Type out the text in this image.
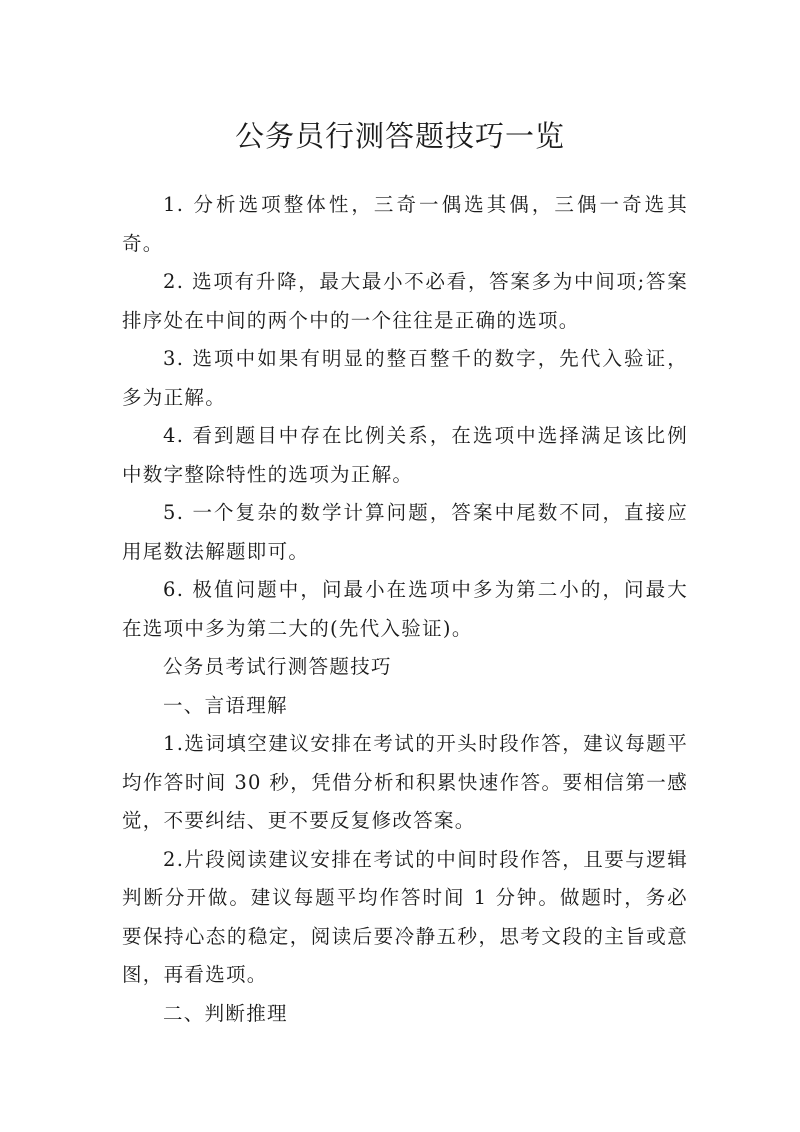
公务员行测答题技巧一览

1. 分析选项整体性，三奇一偶选其偶，三偶一奇选其奇。

2. 选项有升降，最大最小不必看，答案多为中间项;答案排序处在中间的两个中的一个往往是正确的选项。

3. 选项中如果有明显的整百整千的数字，先代入验证，多为正解。

4. 看到题目中存在比例关系，在选项中选择满足该比例中数字整除特性的选项为正解。

5. 一个复杂的数学计算问题，答案中尾数不同，直接应用尾数法解题即可。

6. 极值问题中，问最小在选项中多为第二小的，问最大在选项中多为第二大的(先代入验证)。

公务员考试行测答题技巧

一、言语理解

1.选词填空建议安排在考试的开头时段作答，建议每题平均作答时间 30 秒，凭借分析和积累快速作答。要相信第一感觉，不要纠结、更不要反复修改答案。

2.片段阅读建议安排在考试的中间时段作答，且要与逻辑判断分开做。建议每题平均作答时间 1 分钟。做题时，务必要保持心态的稳定，阅读后要冷静五秒，思考文段的主旨或意图，再看选项。

二、判断推理
